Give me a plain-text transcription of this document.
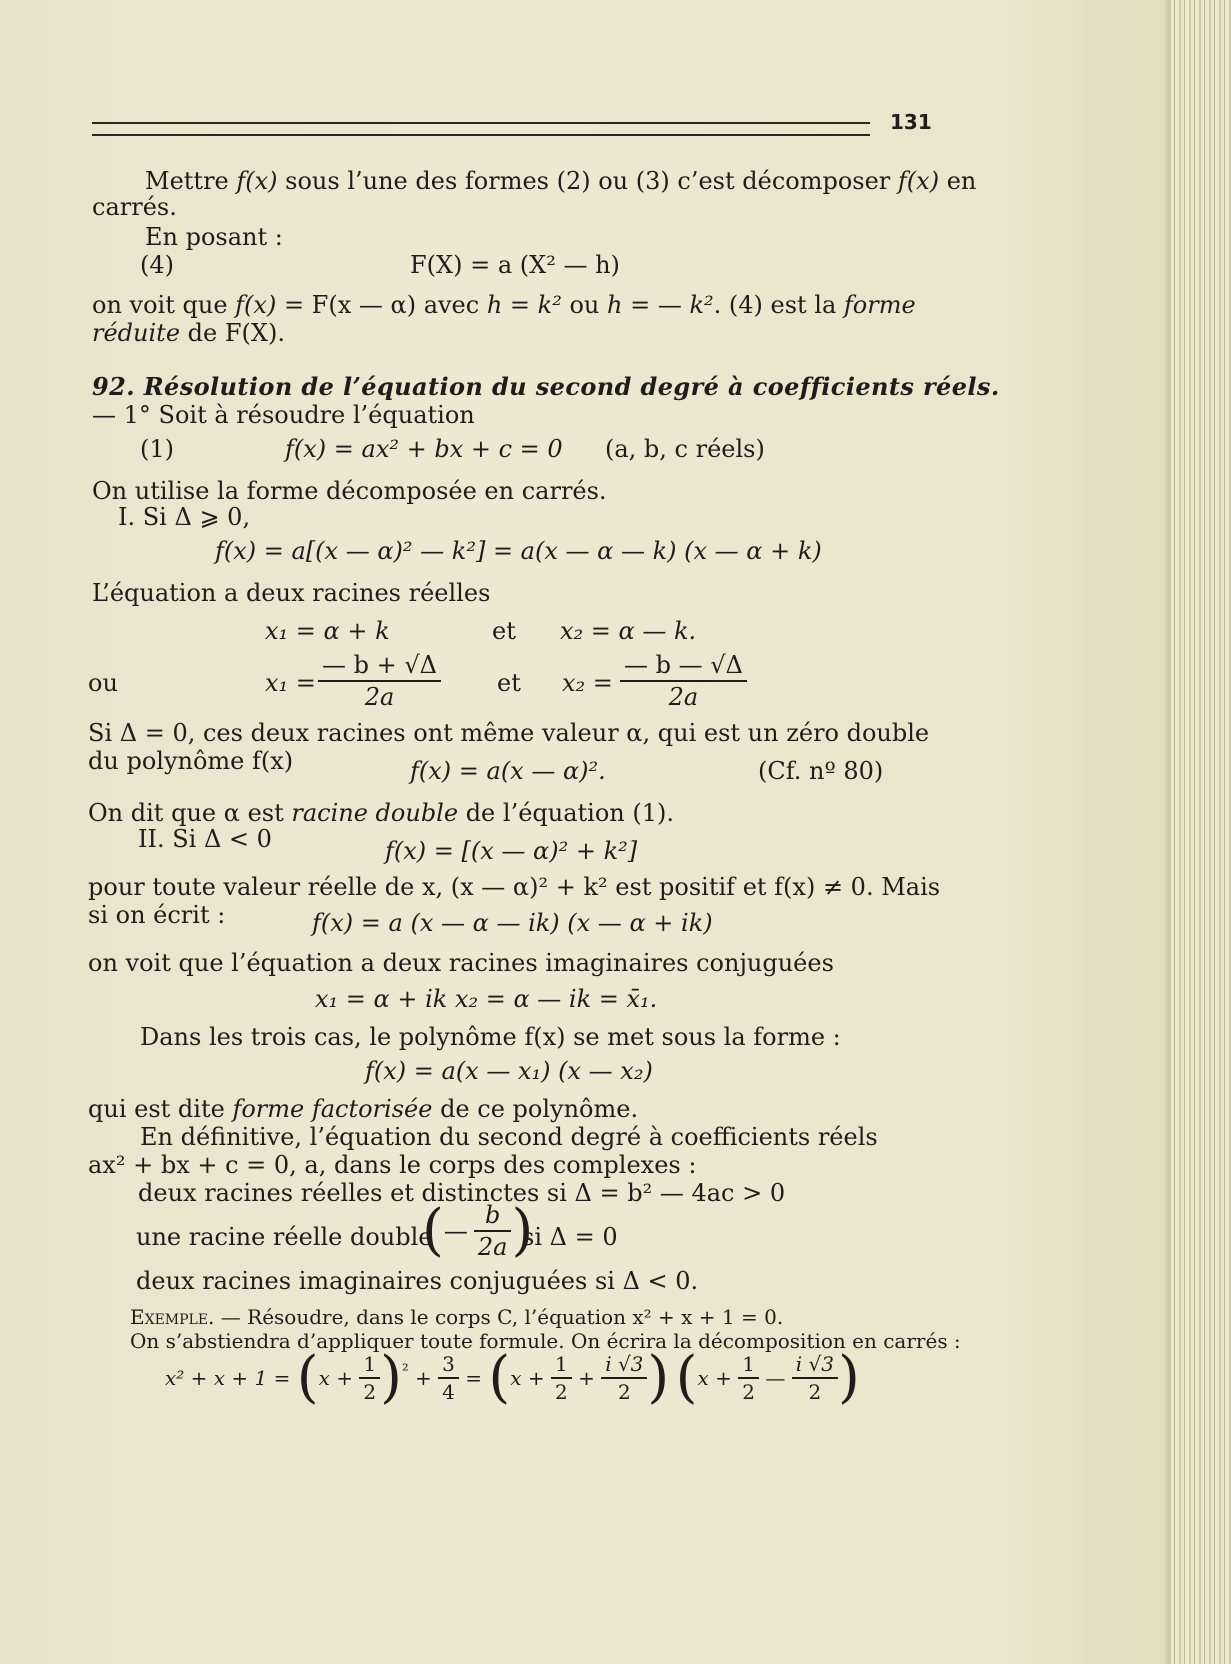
131
Mettre f(x) sous l’une des formes (2) ou (3) c’est décomposer f(x) en
carrés.
En posant :
(4)	F(X) = a (X² — h)
on voit que f(x) = F(x — α) avec h = k² ou h = — k². (4) est la forme
réduite de F(X).
92. Résolution de l’équation du second degré à coefficients réels.
— 1° Soit à résoudre l’équation
(1)	f(x) = ax² + bx + c = 0 (a, b, c réels)
On utilise la forme décomposée en carrés.
I. Si Δ ⩾ 0,
f(x) = a[(x — α)² — k²] = a(x — α — k) (x — α + k)
L’équation a deux racines réelles
x₁ = α + k	et x₂ = α — k.
ou	$x_1 = \frac{— b + √\Delta}{2a}$ et $x_2 = \frac{— b — √\Delta}{2a}$
Si Δ = 0, ces deux racines ont même valeur α, qui est un zéro double
du polynôme f(x)	f(x) = a(x — α)².	(Cf. nº 80)
On dit que α est racine double de l’équation (1).
II. Si Δ < 0	f(x) = [(x — α)² + k²]
pour toute valeur réelle de x, (x — α)² + k² est positif et f(x) ≠ 0. Mais
si on écrit :	f(x) = a (x — α — ik) (x — α + ik)
on voit que l’équation a deux racines imaginaires conjuguées
x₁ = α + ik x₂ = α — ik = x̄₁.
Dans les trois cas, le polynôme f(x) se met sous la forme :
f(x) = a(x — x₁) (x — x₂)
qui est dite forme factorisée de ce polynôme.
En définitive, l’équation du second degré à coefficients réels
ax² + bx + c = 0, a, dans le corps des complexes :
deux racines réelles et distinctes si Δ = b² — 4ac > 0
une racine réelle double
(— $\frac{b}{2a}$ )
si Δ = 0
deux racines imaginaires conjuguées si Δ < 0.
Exemple. — Résoudre, dans le corps C, l’équation x² + x + 1 = 0.
On s’abstiendra d’appliquer toute formule. On écrira la décomposition en carrés :
$x^2 + x + 1 = (x + \frac{1}{2} )^{^2} + \frac{3}{4} = (x + \frac{1}{2} + \frac{i √3}{2}$ ) ($x + \frac{1}{2}$ — $\frac{i √3}{2}$ )
